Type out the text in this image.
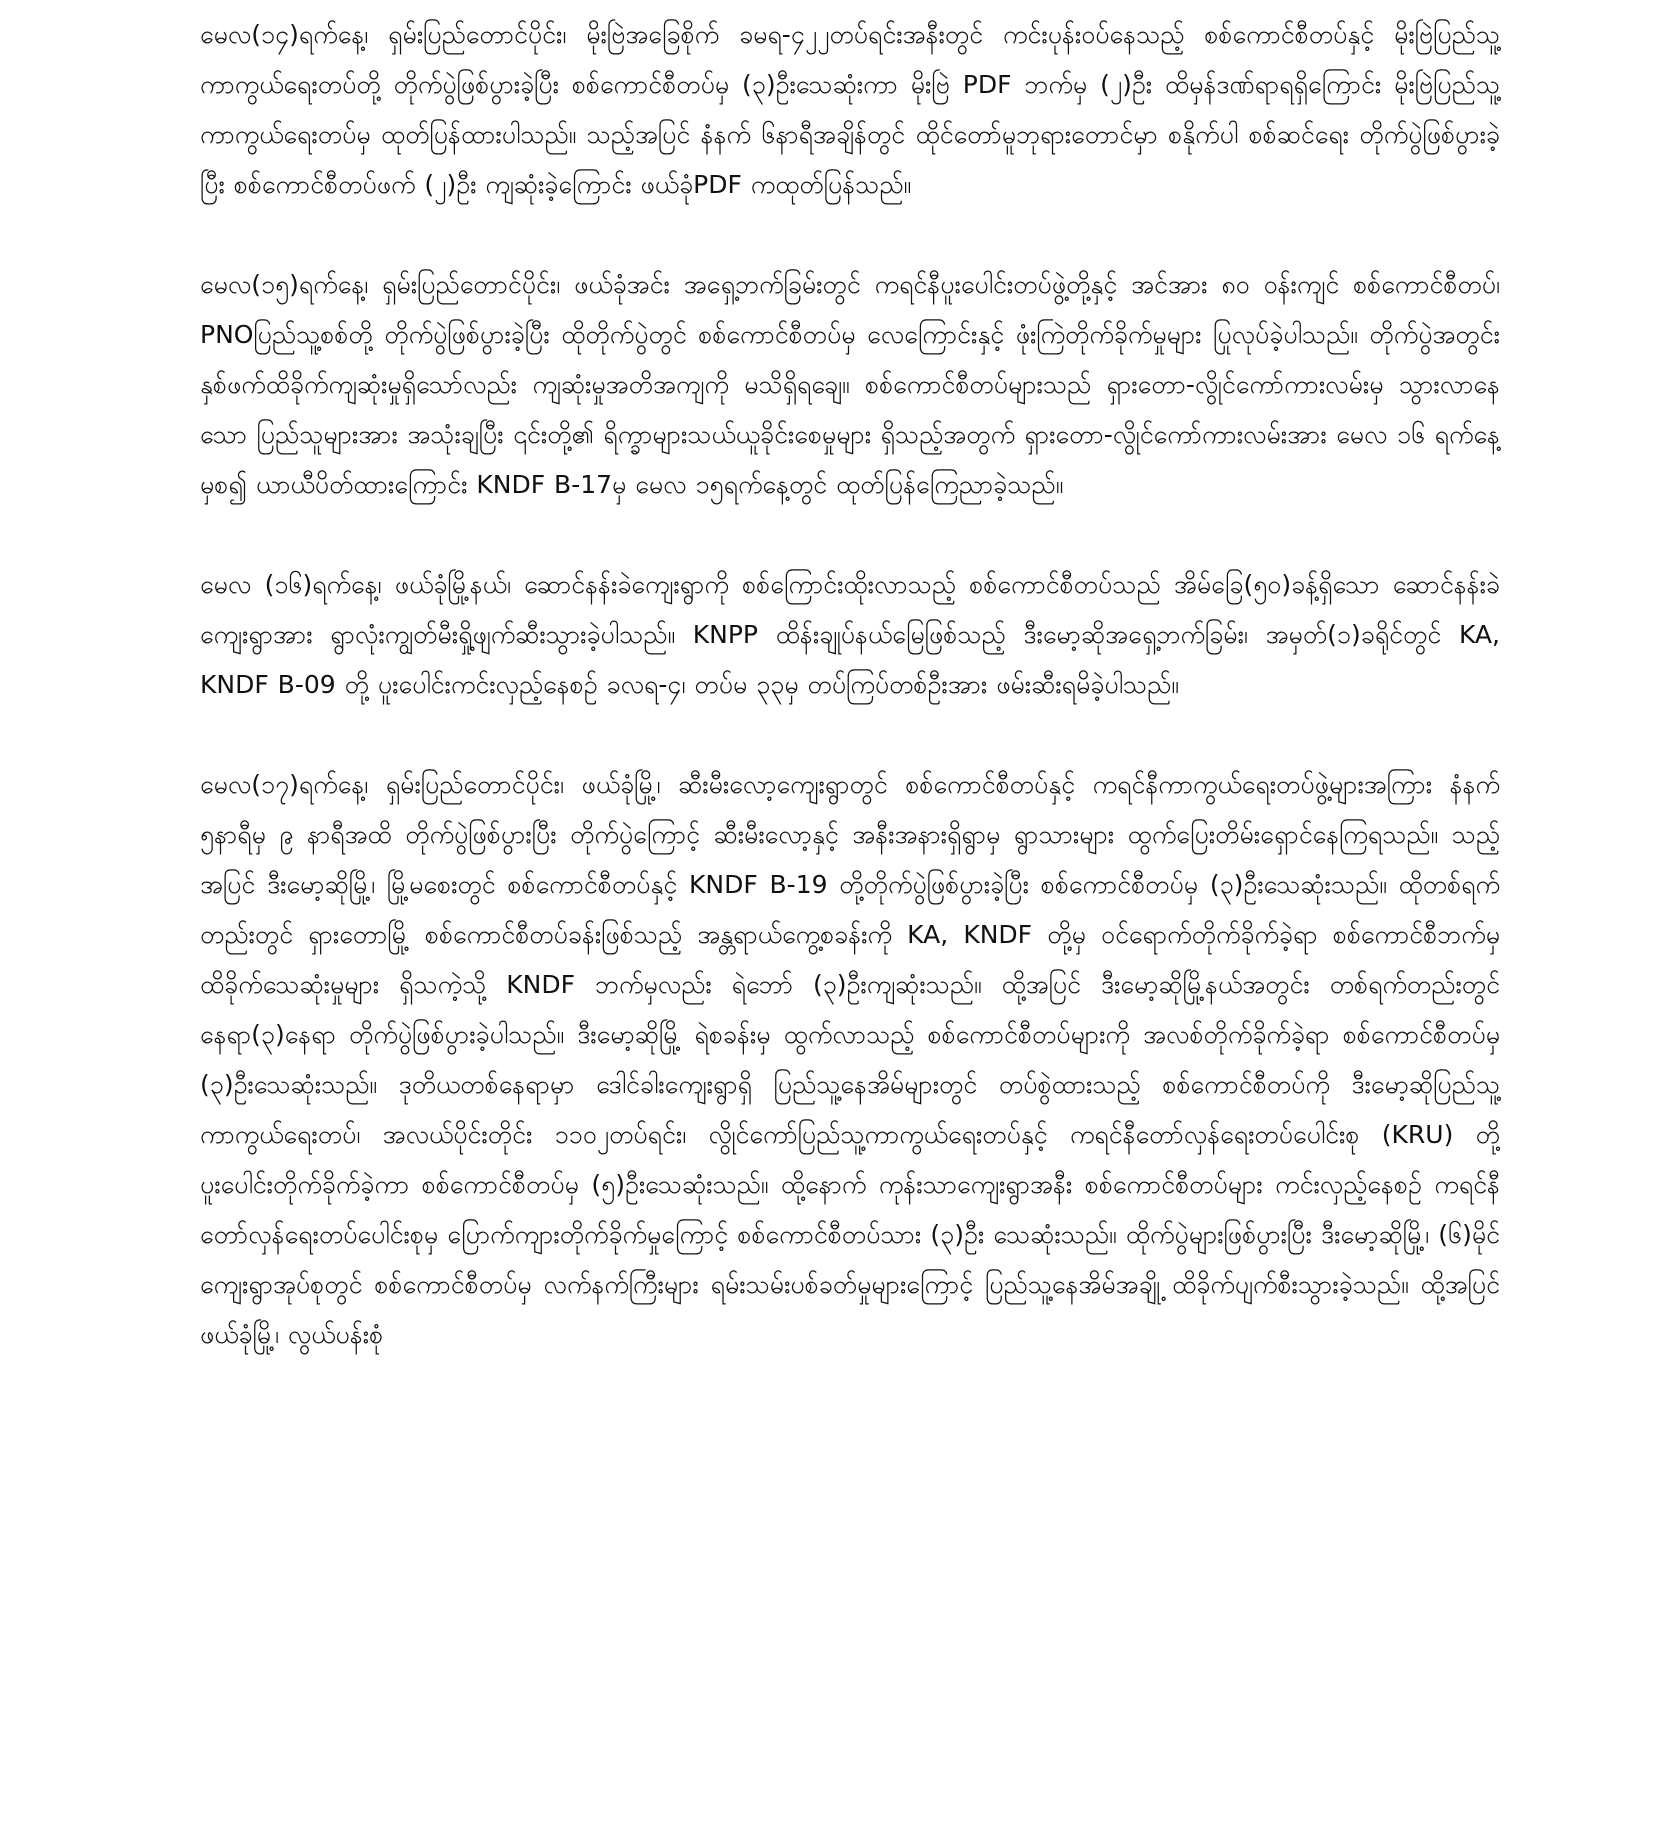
မေလ(၁၄)ရက်နေ့၊ ရှမ်းပြည်တောင်ပိုင်း၊ မိုးဗြဲအခြေစိုက် ခမရ-၄၂၂တပ်ရင်းအနီးတွင် ကင်းပုန်းဝပ်နေသည့် စစ်ကောင်စီတပ်နှင့် မိုးဗြဲပြည်သူ့ကာကွယ်ရေးတပ်တို့ တိုက်ပွဲဖြစ်ပွားခဲ့ပြီး စစ်ကောင်စီတပ်မှ (၃)ဦးသေဆုံးကာ မိုးဗြဲ PDF ဘက်မှ (၂)ဦး ထိမှန်ဒဏ်ရာရရှိကြောင်း မိုးဗြဲပြည်သူ့ကာကွယ်ရေးတပ်မှ ထုတ်ပြန်ထားပါသည်။ သည့်အပြင် နံနက် ၆နာရီအချိန်တွင် ထိုင်တော်မူဘုရားတောင်မှာ စနိုက်ပါ စစ်ဆင်ရေး တိုက်ပွဲဖြစ်ပွားခဲ့ပြီး စစ်ကောင်စီတပ်ဖက် (၂)ဦး ကျဆုံးခဲ့ကြောင်း ဖယ်ခုံPDF ကထုတ်ပြန်သည်။

မေလ(၁၅)ရက်နေ့၊ ရှမ်းပြည်တောင်ပိုင်း၊ ဖယ်ခုံအင်း အရှေ့ဘက်ခြမ်းတွင် ကရင်နီပူးပေါင်းတပ်ဖွဲ့တို့နှင့် အင်အား ၈၀ ဝန်းကျင် စစ်ကောင်စီတပ်၊ PNOပြည်သူ့စစ်တို့ တိုက်ပွဲဖြစ်ပွားခဲ့ပြီး ထိုတိုက်ပွဲတွင် စစ်ကောင်စီတပ်မှ လေကြောင်းနှင့် ဖုံးကြဲတိုက်ခိုက်မှုများ ပြုလုပ်ခဲ့ပါသည်။ တိုက်ပွဲအတွင်း နှစ်ဖက်ထိခိုက်ကျဆုံးမှုရှိသော်လည်း ကျဆုံးမှုအတိအကျကို မသိရှိရချေ။ စစ်ကောင်စီတပ်များသည် ရှားတော-လွိုင်ကော်ကားလမ်းမှ သွားလာနေသော ပြည်သူများအား အသုံးချပြီး ၎င်းတို့၏ ရိက္ခာများသယ်ယူခိုင်းစေမှုများ ရှိသည့်အတွက် ရှားတော-လွိုင်ကော်ကားလမ်းအား မေလ ၁၆ ရက်နေ့မှစ၍ ယာယီပိတ်ထားကြောင်း KNDF B-17မှ မေလ ၁၅ရက်နေ့တွင် ထုတ်ပြန်ကြေညာခဲ့သည်။

မေလ (၁၆)ရက်နေ့၊ ဖယ်ခုံမြို့နယ်၊ ဆောင်နန်းခဲကျေးရွာကို စစ်ကြောင်းထိုးလာသည့် စစ်ကောင်စီတပ်သည် အိမ်ခြေ(၅၀)ခန့်ရှိသော ဆောင်နန်းခဲကျေးရွာအား ရွာလုံးကျွတ်မီးရှို့ဖျက်ဆီးသွားခဲ့ပါသည်။ KNPP ထိန်းချုပ်နယ်မြေဖြစ်သည့် ဒီးမော့ဆိုအရှေ့ဘက်ခြမ်း၊ အမှတ်(၁)ခရိုင်တွင် KA, KNDF B-09 တို့ ပူးပေါင်းကင်းလှည့်နေစဉ် ခလရ-၄၊ တပ်မ ၃၃မှ တပ်ကြပ်တစ်ဦးအား ဖမ်းဆီးရမိခဲ့ပါသည်။

မေလ(၁၇)ရက်နေ့၊ ရှမ်းပြည်တောင်ပိုင်း၊ ဖယ်ခုံမြို့၊ ဆီးမီးလော့ကျေးရွာတွင် စစ်ကောင်စီတပ်နှင့် ကရင်နီကာကွယ်ရေးတပ်ဖွဲ့များအကြား နံနက် ၅နာရီမှ ၉ နာရီအထိ တိုက်ပွဲဖြစ်ပွားပြီး တိုက်ပွဲကြောင့် ဆီးမီးလော့နှင့် အနီးအနားရှိရွာမှ ရွာသားများ ထွက်ပြေးတိမ်းရှောင်နေကြရသည်။ သည့်အပြင် ဒီးမော့ဆိုမြို့၊ မြို့မစေးတွင် စစ်ကောင်စီတပ်နှင့် KNDF B-19 တို့တိုက်ပွဲဖြစ်ပွားခဲ့ပြီး စစ်ကောင်စီတပ်မှ (၃)ဦးသေဆုံးသည်။ ထိုတစ်ရက်တည်းတွင် ရှားတောမြို့ စစ်ကောင်စီတပ်ခန်းဖြစ်သည့် အန္တရာယ်ကွေ့စခန်းကို KA, KNDF တို့မှ ဝင်ရောက်တိုက်ခိုက်ခဲ့ရာ စစ်ကောင်စီဘက်မှထိခိုက်သေဆုံးမှုများ ရှိသကဲ့သို့ KNDF ဘက်မှလည်း ရဲဘော် (၃)ဦးကျဆုံးသည်။ ထို့အပြင် ဒီးမော့ဆိုမြို့နယ်အတွင်း တစ်ရက်တည်းတွင် နေရာ(၃)နေရာ တိုက်ပွဲဖြစ်ပွားခဲ့ပါသည်။ ဒီးမော့ဆိုမြို့ ရဲစခန်းမှ ထွက်လာသည့် စစ်ကောင်စီတပ်များကို အလစ်တိုက်ခိုက်ခဲ့ရာ စစ်ကောင်စီတပ်မှ (၃)ဦးသေဆုံးသည်။ ဒုတိယတစ်နေရာမှာ ဒေါင်ခါးကျေးရွာရှိ ပြည်သူ့နေအိမ်များတွင် တပ်စွဲထားသည့် စစ်ကောင်စီတပ်ကို ဒီးမော့ဆိုပြည်သူ့ကာကွယ်ရေးတပ်၊ အလယ်ပိုင်းတိုင်း ၁၁၀၂တပ်ရင်း၊ လွိုင်ကော်ပြည်သူ့ကာကွယ်ရေးတပ်နှင့် ကရင်နီတော်လှန်ရေးတပ်ပေါင်းစု (KRU) တို့ ပူးပေါင်းတိုက်ခိုက်ခဲ့ကာ စစ်ကောင်စီတပ်မှ (၅)ဦးသေဆုံးသည်။ ထို့နောက် ကုန်းသာကျေးရွာအနီး စစ်ကောင်စီတပ်များ ကင်းလှည့်နေစဉ် ကရင်နီတော်လှန်ရေးတပ်ပေါင်းစုမှ ပြောက်ကျားတိုက်ခိုက်မှုကြောင့် စစ်ကောင်စီတပ်သား (၃)ဦး သေဆုံးသည်။ ထိုက်ပွဲများဖြစ်ပွားပြီး ဒီးမော့ဆိုမြို့၊ (၆)မိုင်ကျေးရွာအုပ်စုတွင် စစ်ကောင်စီတပ်မှ လက်နက်ကြီးများ ရမ်းသမ်းပစ်ခတ်မှုများကြောင့် ပြည်သူ့နေအိမ်အချို့ ထိခိုက်ပျက်စီးသွားခဲ့သည်။ ထို့အပြင် ဖယ်ခုံမြို့၊ လွယ်ပန်းစုံ
